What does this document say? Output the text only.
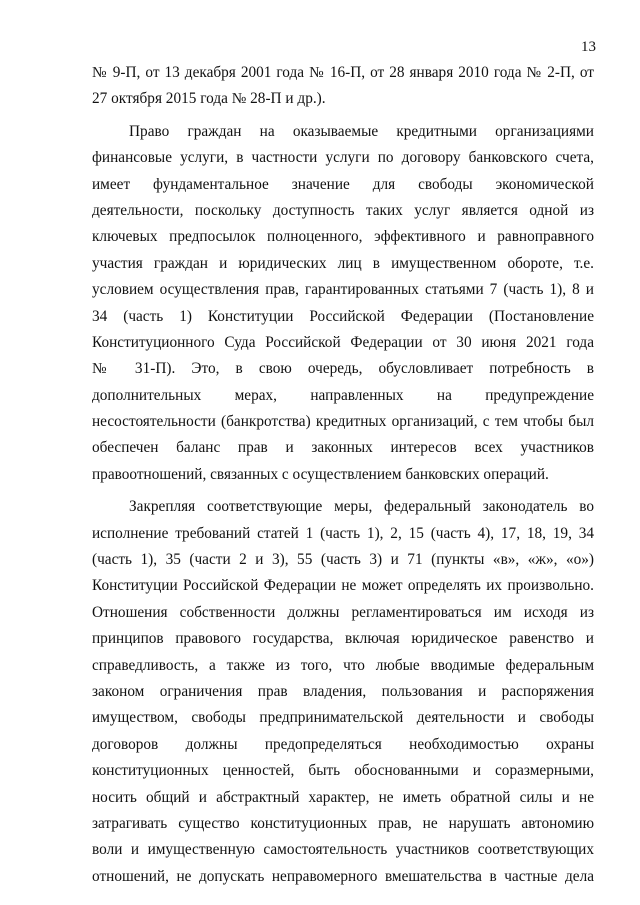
13
№ 9-П, от 13 декабря 2001 года № 16-П, от 28 января 2010 года № 2-П, от
27 октября 2015 года № 28-П и др.).
Право граждан на оказываемые кредитными организациями
финансовые услуги, в частности услуги по договору банковского счета,
имеет фундаментальное значение для свободы экономической
деятельности, поскольку доступность таких услуг является одной из
ключевых предпосылок полноценного, эффективного и равноправного
участия граждан и юридических лиц в имущественном обороте, т.е.
условием осуществления прав, гарантированных статьями 7 (часть 1), 8 и
34 (часть 1) Конституции Российской Федерации (Постановление
Конституционного Суда Российской Федерации от 30 июня 2021 года
№ 31-П). Это, в свою очередь, обусловливает потребность в
дополнительных мерах, направленных на предупреждение
несостоятельности (банкротства) кредитных организаций, с тем чтобы был
обеспечен баланс прав и законных интересов всех участников
правоотношений, связанных с осуществлением банковских операций.
Закрепляя соответствующие меры, федеральный законодатель во
исполнение требований статей 1 (часть 1), 2, 15 (часть 4), 17, 18, 19, 34
(часть 1), 35 (части 2 и 3), 55 (часть 3) и 71 (пункты «в», «ж», «о»)
Конституции Российской Федерации не может определять их произвольно.
Отношения собственности должны регламентироваться им исходя из
принципов правового государства, включая юридическое равенство и
справедливость, а также из того, что любые вводимые федеральным
законом ограничения прав владения, пользования и распоряжения
имуществом, свободы предпринимательской деятельности и свободы
договоров должны предопределяться необходимостью охраны
конституционных ценностей, быть обоснованными и соразмерными,
носить общий и абстрактный характер, не иметь обратной силы и не
затрагивать существо конституционных прав, не нарушать автономию
воли и имущественную самостоятельность участников соответствующих
отношений, не допускать неправомерного вмешательства в частные дела
